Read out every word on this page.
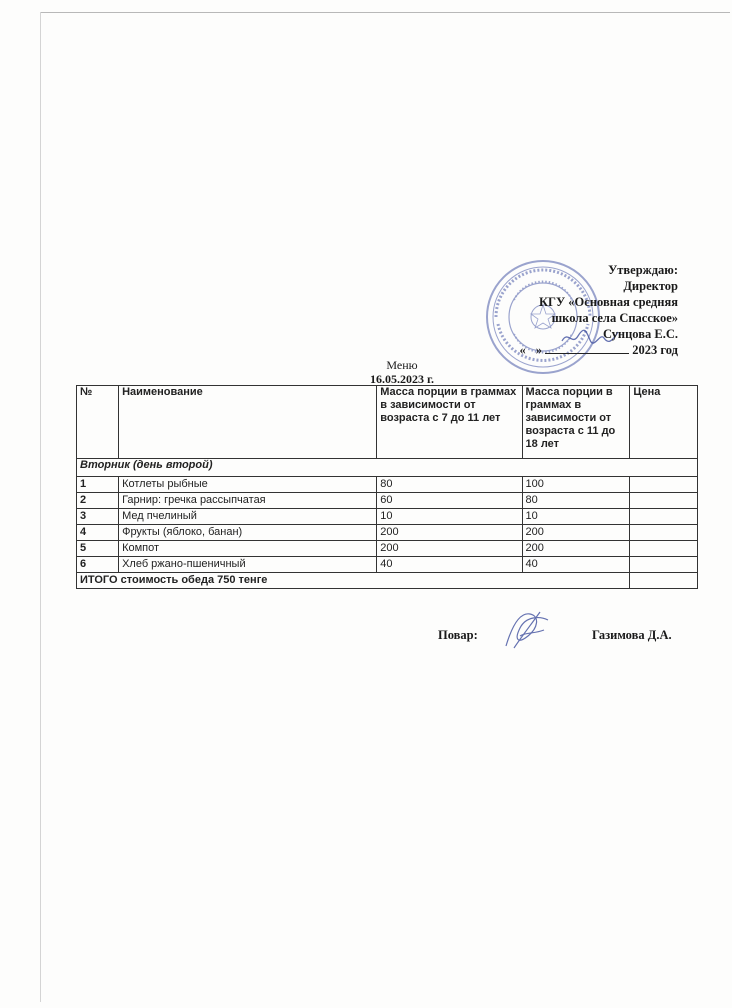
Утверждаю:
Директор
КГУ «Основная средняя
школа села Спасское»
Сунцова Е.С.
« »	2023 год
Меню
16.05.2023 г.
№	Наименование	Масса порции в граммах в зависимости от возраста с 7 до 11 лет	Масса порции в граммах в зависимости от возраста с 11 до 18 лет	Цена
Вторник (день второй)				
1	Котлеты рыбные	80	100	
2	Гарнир: гречка рассыпчатая	60	80	
3	Мед пчелиный	10	10	
4	Фрукты (яблоко, банан)	200	200	
5	Компот	200	200	
6	Хлеб ржано-пшеничный	40	40	
ИТОГО стоимость обеда 750 тенге				
Повар:	Газимова Д.А.
